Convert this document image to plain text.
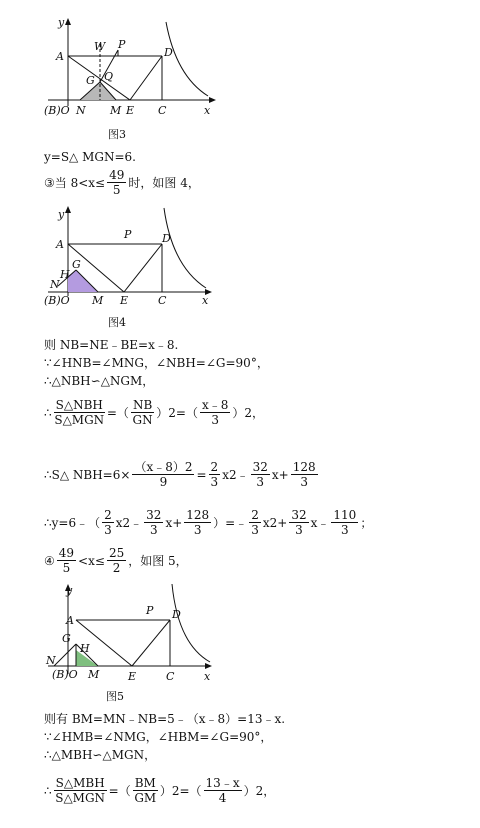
y
A
W P
D
G Q
(B)O N M E C	x
图3
y=S△ MGN=6.
③ 当 $8<x\le \frac{49}{5}$ 时，如图 4，
y
A
P	D
H
G
N
(B)O M E	C	x
图4
则 NB=NE﹣BE=x﹣8.
∵∠HNB=∠MNG，∠NBH=∠G=90°，
∴△NBH∽△NGM，
∴ $\frac{\text{S△NBH}}{\text{S△MGN}}$ =（ $\frac{NB}{GN} )2=( \frac{x﹣8}{3} )2$，
∴S△ $NBH=6\times \frac{(x﹣8)2}{9} = \frac{2}{3}$ x2﹣ $\frac{32}{3} x+ \frac{128}{3}$
∴y=6﹣（ $\frac{2}{3}$ x2﹣ $\frac{32}{3} x+ \frac{128}{3}$ ）=﹣ $\frac{2}{3} x2+ \frac{32}{3}$ x﹣ $\frac{110}{3}$ ；
④ $\frac{49}{5} <x\le \frac{25}{2}$ ，如图 5，
y
A
P D
G
H
N
(B)O M	E	C	x
图5
则有 BM=MN﹣NB=5﹣（x﹣8）=13﹣x.
∵∠HMB=∠NMG，∠HBM=∠G=90°，
∴△MBH∽△MGN，
∴ $\frac{\text{S△MBH}}{\text{S△MGN}}$ =（ $\frac{BM}{GM} )2=( \frac{13﹣x}{4} )2$，
